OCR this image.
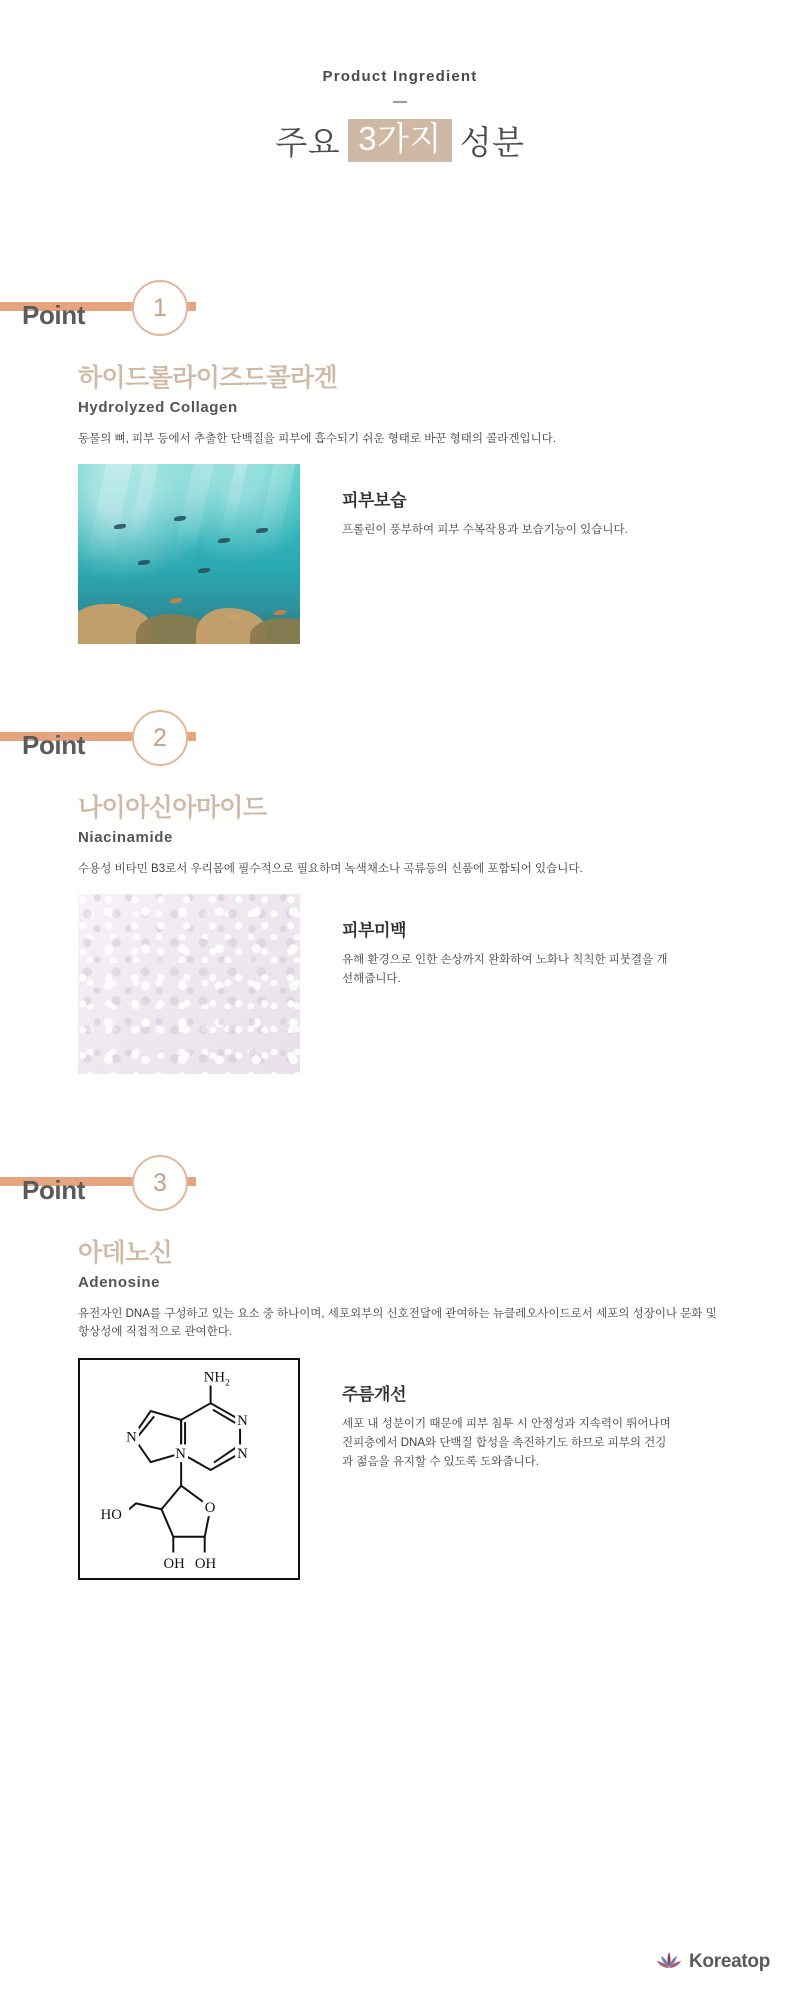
Product Ingredient
주요 3가지 성분
Point	1
하이드롤라이즈드콜라겐
Hydrolyzed Collagen
동물의 뼈, 피부 등에서 추출한 단백질을 피부에 흡수되기 쉬운 형태로 바꾼 형태의 콜라겐입니다.
피부보습
프롤린이 풍부하여 피부 수복작용과 보습기능이 있습니다.
Point	2
나이아신아마이드
Niacinamide
수용성 비타민 B3로서 우리몸에 필수적으로 필요하며 녹색채소나 곡류등의 신품에 포함되어 있습니다.
피부미백
유해 환경으로 인한 손상까지 완화하여 노화나 칙칙한 피붓결을 개선해줍니다.
Point	3
아데노신
Adenosine
유전자인 DNA를 구성하고 있는 요소 중 하나이며, 세포외부의 신호전달에 관여하는 뉴클레오사이드로서 세포의 성장이나 문화 및 항상성에 직접적으로 관여한다.
$NH_2$
N
N
N
N
O
HO
OH OH
주름개선
세포 내 성분이기 때문에 피부 침투 시 안정성과 지속력이 뛰어나며 진피층에서 DNA와 단백질 합성을 촉진하기도 하므로 피부의 건깅과 젊음을 유지할 수 있도록 도와줍니다.
Koreatop
